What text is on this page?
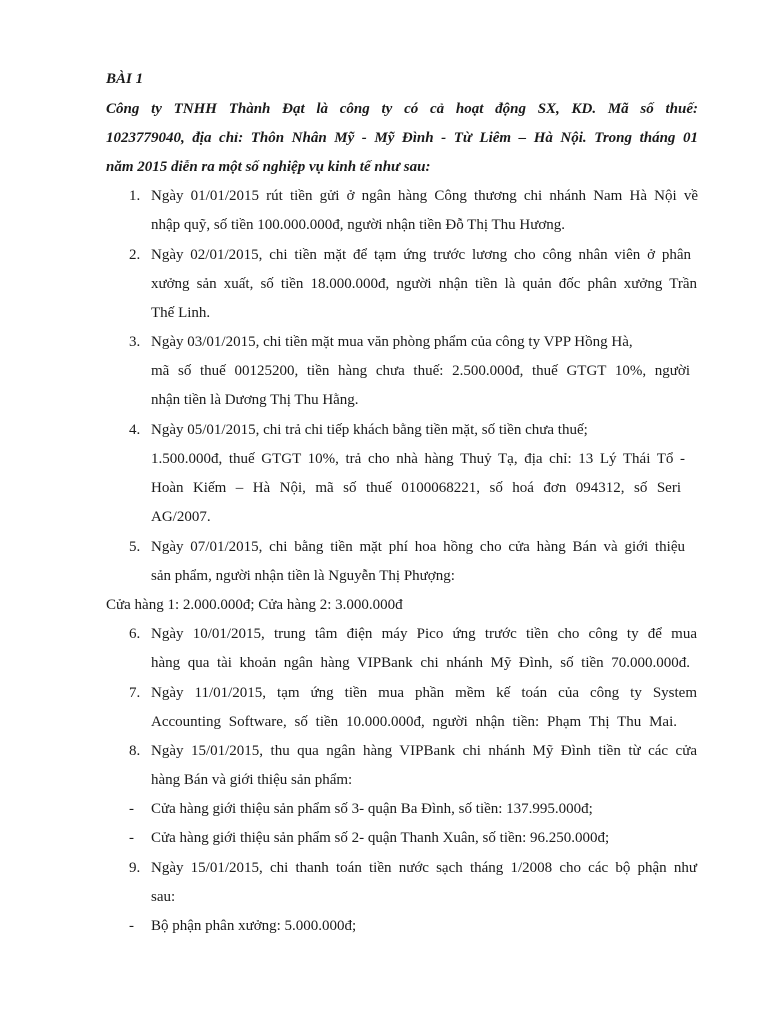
BÀI 1
Công ty TNHH Thành Đạt là công ty có cả hoạt động SX, KD. Mã số thuế:
1023779040, địa chỉ: Thôn Nhân Mỹ - Mỹ Đình - Từ Liêm – Hà Nội. Trong tháng 01
năm 2015 diễn ra một số nghiệp vụ kinh tế như sau:
1. Ngày 01/01/2015 rút tiền gửi ở ngân hàng Công thương chi nhánh Nam Hà Nội về
nhập quỹ, số tiền 100.000.000đ, người nhận tiền Đỗ Thị Thu Hương.
2. Ngày 02/01/2015, chi tiền mặt để tạm ứng trước lương cho công nhân viên ở phân
xưởng sản xuất, số tiền 18.000.000đ, người nhận tiền là quản đốc phân xưởng Trần
Thế Linh.
3. Ngày 03/01/2015, chi tiền mặt mua văn phòng phẩm của công ty VPP Hồng Hà,
mã số thuế 00125200, tiền hàng chưa thuế: 2.500.000đ, thuế GTGT 10%, người
nhận tiền là Dương Thị Thu Hằng.
4. Ngày 05/01/2015, chi trả chi tiếp khách bằng tiền mặt, số tiền chưa thuế;
1.500.000đ, thuế GTGT 10%, trả cho nhà hàng Thuỷ Tạ, địa chỉ: 13 Lý Thái Tổ -
Hoàn Kiếm – Hà Nội, mã số thuế 0100068221, số hoá đơn 094312, số Seri
AG/2007.
5. Ngày 07/01/2015, chi bằng tiền mặt phí hoa hồng cho cửa hàng Bán và giới thiệu
sản phẩm, người nhận tiền là Nguyễn Thị Phượng:
Cửa hàng 1: 2.000.000đ; Cửa hàng 2: 3.000.000đ
6. Ngày 10/01/2015, trung tâm điện máy Pico ứng trước tiền cho công ty để mua
hàng qua tài khoản ngân hàng VIPBank chi nhánh Mỹ Đình, số tiền 70.000.000đ.
7. Ngày 11/01/2015, tạm ứng tiền mua phần mềm kế toán của công ty System
Accounting Software, số tiền 10.000.000đ, người nhận tiền: Phạm Thị Thu Mai.
8. Ngày 15/01/2015, thu qua ngân hàng VIPBank chi nhánh Mỹ Đình tiền từ các cửa
hàng Bán và giới thiệu sản phẩm:
- Cửa hàng giới thiệu sản phẩm số 3- quận Ba Đình, số tiền: 137.995.000đ;
- Cửa hàng giới thiệu sản phẩm số 2- quận Thanh Xuân, số tiền: 96.250.000đ;
9. Ngày 15/01/2015, chi thanh toán tiền nước sạch tháng 1/2008 cho các bộ phận như
sau:
- Bộ phận phân xưởng: 5.000.000đ;
